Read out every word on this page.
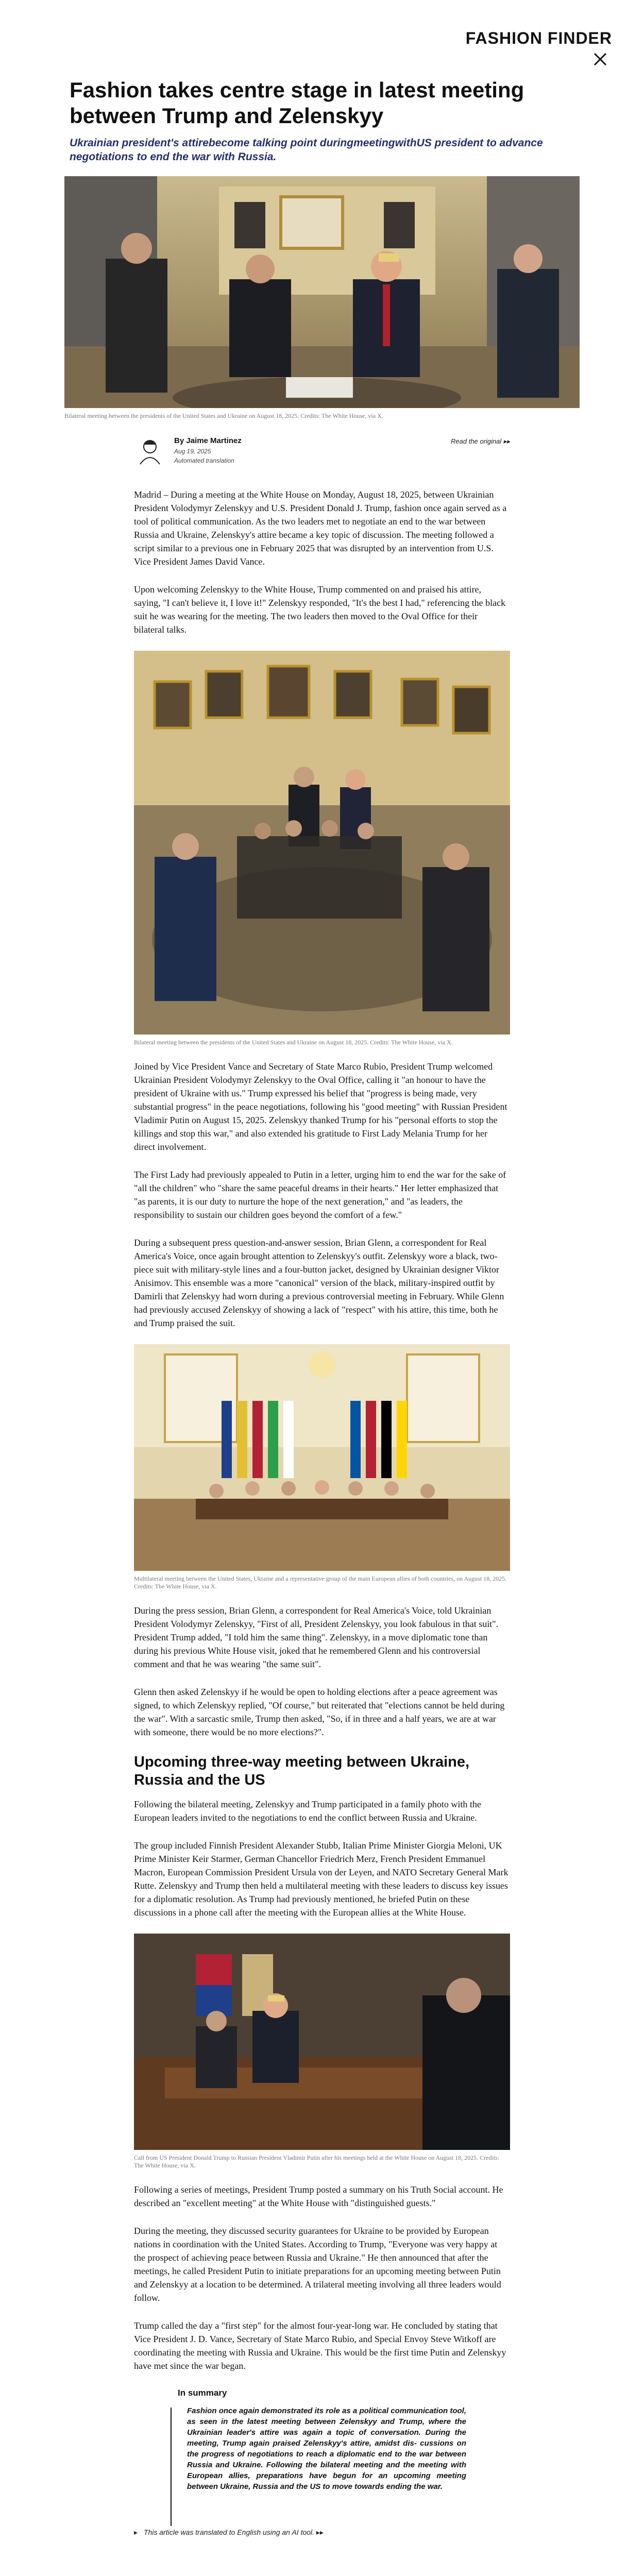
FASHION FINDER
Fashion takes centre stage in latest meeting between Trump and Zelenskyy
Ukrainian president's attirebecome talking point duringmeetingwithUS president to advance negotiations to end the war with Russia.
Bilateral meeting between the presidents of the United States and Ukraine on August 18, 2025. Credits: The White House, via X.
By Jaime Martinez
Aug 19, 2025
Automated translation
Read the original ▸▸

Madrid – During a meeting at the White House on Monday, August 18, 2025, between Ukrainian President Volodymyr Zelenskyy and U.S. President Donald J. Trump, fashion once again served as a tool of political communication. As the two leaders met to negotiate an end to the war between Russia and Ukraine, Zelenskyy's attire became a key topic of discussion. The meeting followed a script similar to a previous one in February 2025 that was disrupted by an intervention from U.S. Vice President James David Vance.

Upon welcoming Zelenskyy to the White House, Trump commented on and praised his attire, saying, "I can't believe it, I love it!" Zelenskyy responded, "It's the best I had," referencing the black suit he was wearing for the meeting. The two leaders then moved to the Oval Office for their bilateral talks.

Bilateral meeting between the presidents of the United States and Ukraine on August 18, 2025. Credits: The White House, via X.

Joined by Vice President Vance and Secretary of State Marco Rubio, President Trump welcomed Ukrainian President Volodymyr Zelenskyy to the Oval Office, calling it "an honour to have the president of Ukraine with us." Trump expressed his belief that "progress is being made, very substantial progress" in the peace negotiations, following his "good meeting" with Russian President Vladimir Putin on August 15, 2025. Zelenskyy thanked Trump for his "personal efforts to stop the killings and stop this war," and also extended his gratitude to First Lady Melania Trump for her direct involvement.

The First Lady had previously appealed to Putin in a letter, urging him to end the war for the sake of "all the children" who "share the same peaceful dreams in their hearts." Her letter emphasized that "as parents, it is our duty to nurture the hope of the next generation," and "as leaders, the responsibility to sustain our children goes beyond the comfort of a few."

During a subsequent press question-and-answer session, Brian Glenn, a correspondent for Real America's Voice, once again brought attention to Zelenskyy's outfit. Zelenskyy wore a black, two-piece suit with military-style lines and a four-button jacket, designed by Ukrainian designer Viktor Anisimov. This ensemble was a more "canonical" version of the black, military-inspired outfit by Damirli that Zelenskyy had worn during a previous controversial meeting in February. While Glenn had previously accused Zelenskyy of showing a lack of "respect" with his attire, this time, both he and Trump praised the suit.

Multilateral meeting between the United States, Ukraine and a representative group of the main European allies of both countries, on August 18, 2025. Credits: The White House, via X.

During the press session, Brian Glenn, a correspondent for Real America's Voice, told Ukrainian President Volodymyr Zelenskyy, "First of all, President Zelenskyy, you look fabulous in that suit". President Trump added, "I told him the same thing". Zelenskyy, in a move diplomatic tone than during his previous White House visit, joked that he remembered Glenn and his controversial comment and that he was wearing "the same suit".

Glenn then asked Zelenskyy if he would be open to holding elections after a peace agreement was signed, to which Zelenskyy replied, "Of course," but reiterated that "elections cannot be held during the war". With a sarcastic smile, Trump then asked, "So, if in three and a half years, we are at war with someone, there would be no more elections?".

Upcoming three-way meeting between Ukraine, Russia and the US

Following the bilateral meeting, Zelenskyy and Trump participated in a family photo with the European leaders invited to the negotiations to end the conflict between Russia and Ukraine.

The group included Finnish President Alexander Stubb, Italian Prime Minister Giorgia Meloni, UK Prime Minister Keir Starmer, German Chancellor Friedrich Merz, French President Emmanuel Macron, European Commission President Ursula von der Leyen, and NATO Secretary General Mark Rutte. Zelenskyy and Trump then held a multilateral meeting with these leaders to discuss key issues for a diplomatic resolution. As Trump had previously mentioned, he briefed Putin on these discussions in a phone call after the meeting with the European allies at the White House.

Call from US President Donald Trump to Russian President Vladimir Putin after his meetings held at the White House on August 18, 2025. Credits: The White House, via X.

Following a series of meetings, President Trump posted a summary on his Truth Social account. He described an "excellent meeting" at the White House with "distinguished guests."

During the meeting, they discussed security guarantees for Ukraine to be provided by European nations in coordination with the United States. According to Trump, "Everyone was very happy at the prospect of achieving peace between Russia and Ukraine." He then announced that after the meetings, he called President Putin to initiate preparations for an upcoming meeting between Putin and Zelenskyy at a location to be determined. A trilateral meeting involving all three leaders would follow.

Trump called the day a "first step" for the almost four-year-long war. He concluded by stating that Vice President J. D. Vance, Secretary of State Marco Rubio, and Special Envoy Steve Witkoff are coordinating the meeting with Russia and Ukraine. This would be the first time Putin and Zelenskyy have met since the war began.

In summary
Fashion once again demonstrated its role as a political communication tool, as seen in the latest meeting between Zelenskyy and Trump, where the Ukrainian leader's attire was again a topic of conversation. During the meeting, Trump again praised Zelenskyy's attire, amidst dis- cussions on the progress of negotiations to reach a diplomatic end to the war between Russia and Ukraine. Following the bilateral meeting and the meeting with European allies, preparations have begun for an upcoming meeting between Ukraine, Russia and the US to move towards ending the war.
▸ This article was translated to English using an AI tool. ▸▸
